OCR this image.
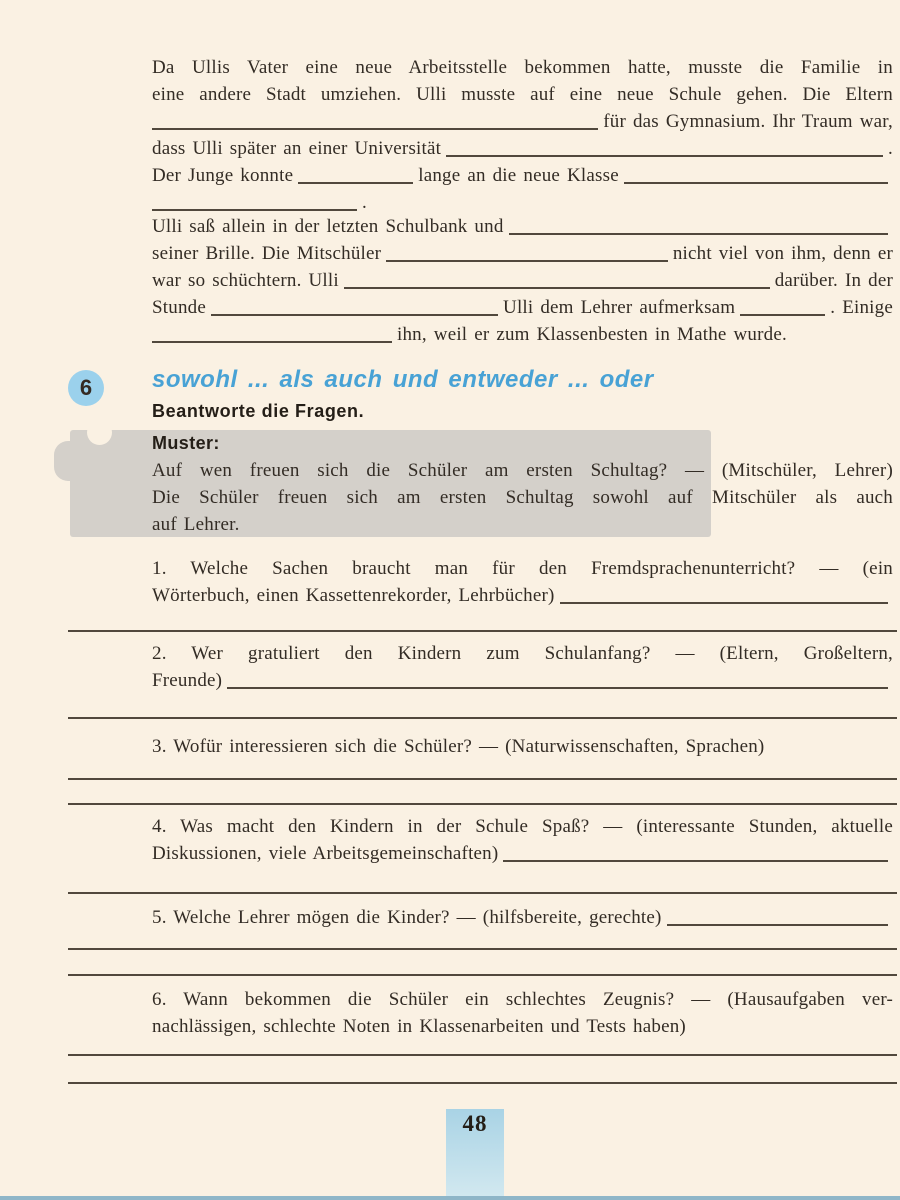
Da Ullis Vater eine neue Arbeitsstelle bekommen hatte, musste die Familie in
eine andere Stadt umziehen. Ulli musste auf eine neue Schule gehen. Die Eltern
für das Gymnasium. Ihr Traum war,
dass Ulli später an einer Universität	.
Der Junge konnte	lange an die neue Klasse
.
Ulli saß allein in der letzten Schulbank und
seiner Brille. Die Mitschüler	nicht viel von ihm, denn er
war so schüchtern. Ulli	darüber. In der
Stunde	Ulli dem Lehrer aufmerksam	. Einige
ihn, weil er zum Klassenbesten in Mathe wurde.
6 sowohl ... als auch und entweder ... oder
Beantworte die Fragen.
Muster:
Auf wen freuen sich die Schüler am ersten Schultag? — (Mitschüler, Lehrer)
Die Schüler freuen sich am ersten Schultag sowohl auf Mitschüler als auch
auf Lehrer.
1. Welche Sachen braucht man für den Fremdsprachenunterricht? — (ein
Wörterbuch, einen Kassettenrekorder, Lehrbücher)
2. Wer gratuliert den Kindern zum Schulanfang? — (Eltern, Großeltern,
Freunde)
3. Wofür interessieren sich die Schüler? — (Naturwissenschaften, Sprachen)
4. Was macht den Kindern in der Schule Spaß? — (interessante Stunden, aktuelle
Diskussionen, viele Arbeitsgemeinschaften)
5. Welche Lehrer mögen die Kinder? — (hilfsbereite, gerechte)
6. Wann bekommen die Schüler ein schlechtes Zeugnis? — (Hausaufgaben ver-
nachlässigen, schlechte Noten in Klassenarbeiten und Tests haben)
48
